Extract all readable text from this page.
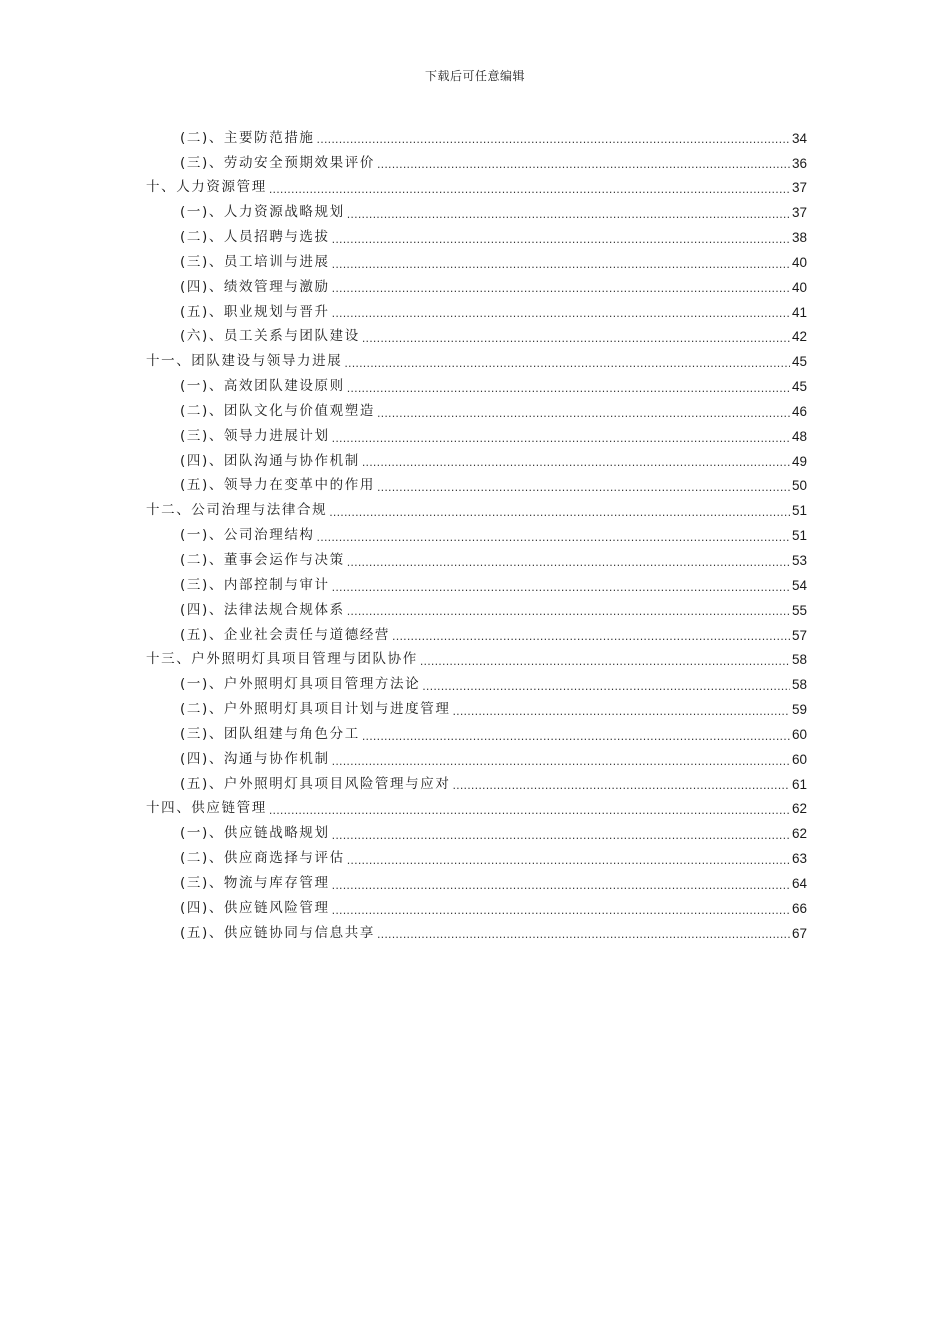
下载后可任意编辑
(二)、主要防范措施 .....	34
(三)、劳动安全预期效果评价 .....	36
十、人力资源管理 .....	37
(一)、人力资源战略规划 .....	37
(二)、人员招聘与选拔 .....	38
(三)、员工培训与进展 .....	40
(四)、绩效管理与激励 .....	40
(五)、职业规划与晋升 .....	41
(六)、员工关系与团队建设 .....	42
十一、团队建设与领导力进展 .....	45
(一)、高效团队建设原则 .....	45
(二)、团队文化与价值观塑造 .....	46
(三)、领导力进展计划 .....	48
(四)、团队沟通与协作机制 .....	49
(五)、领导力在变革中的作用 .....	50
十二、公司治理与法律合规 .....	51
(一)、公司治理结构 .....	51
(二)、董事会运作与决策 .....	53
(三)、内部控制与审计 .....	54
(四)、法律法规合规体系 .....	55
(五)、企业社会责任与道德经营 .....	57
十三、户外照明灯具项目管理与团队协作 .....	58
(一)、户外照明灯具项目管理方法论 .....	58
(二)、户外照明灯具项目计划与进度管理 .....	59
(三)、团队组建与角色分工 .....	60
(四)、沟通与协作机制 .....	60
(五)、户外照明灯具项目风险管理与应对 .....	61
十四、供应链管理 .....	62
(一)、供应链战略规划 .....	62
(二)、供应商选择与评估 .....	63
(三)、物流与库存管理 .....	64
(四)、供应链风险管理 .....	66
(五)、供应链协同与信息共享 .....	67
